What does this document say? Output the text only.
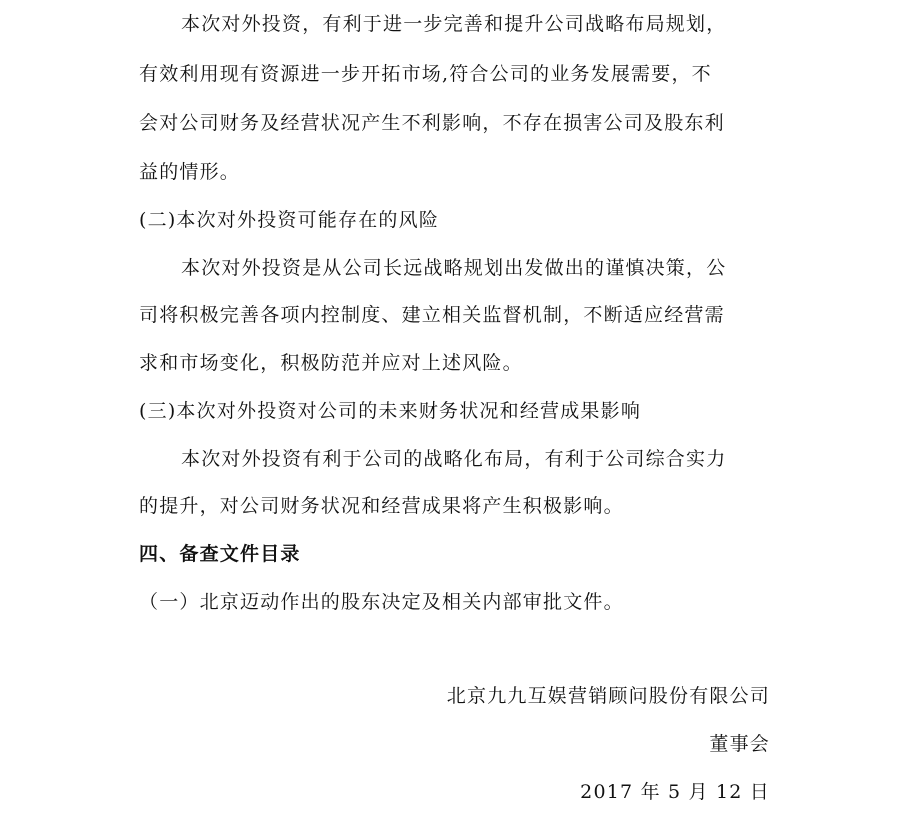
本次对外投资，有利于进一步完善和提升公司战略布局规划，
有效利用现有资源进一步开拓市场,符合公司的业务发展需要，不
会对公司财务及经营状况产生不利影响，不存在损害公司及股东利
益的情形。
(二)本次对外投资可能存在的风险
本次对外投资是从公司长远战略规划出发做出的谨慎决策，公
司将积极完善各项内控制度、建立相关监督机制，不断适应经营需
求和市场变化，积极防范并应对上述风险。
(三)本次对外投资对公司的未来财务状况和经营成果影响
本次对外投资有利于公司的战略化布局，有利于公司综合实力
的提升，对公司财务状况和经营成果将产生积极影响。
四、备查文件目录
（一）北京迈动作出的股东决定及相关内部审批文件。
北京九九互娱营销顾问股份有限公司
董事会
2017 年 5 月 12 日
